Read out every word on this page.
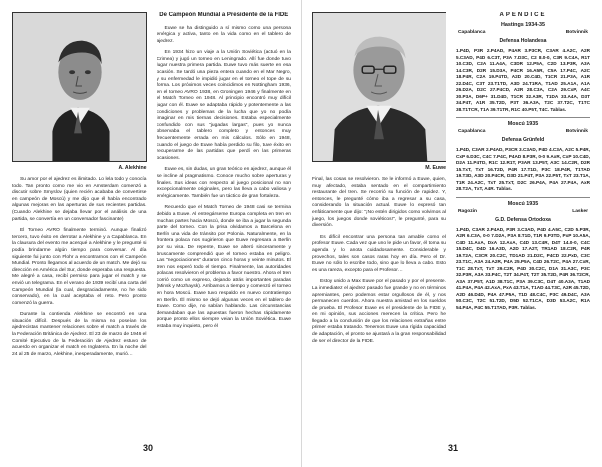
A. Alekhine

Su amor por el ajedrez es ilimitado. Lo lela todo y conocía todo. Tan pronto como me vio en Amsterdam comenzó a discutir sobre Smyslov (quien recién acababa de convertirse en campeón de Moscú) y me dijo que él había encontrado algunas mejoras en las aperturas de sus recientes partidas. (Cuando Alekhine se dejaba llevar por el análisis de una partida, se convertía en un conversador fascinante)

El Torneo AVRO finalmente terminó. Aunque finalizó tercero, tuvo éxito en derrotar a Alekhine y a Capablanca. En la clausura del evento me acerqué a Alekhine y le pregunté si podía brindarme algún tiempo para conversar. Al día siguiente fui junto con Flohr a encontrarnos con el Campeón Mundial. Pronto llegamos al acuerdo de un match. Me dejó su dirección en América del Sur, donde esperaba una respuesta. Me alegré a casa, recibí permiso para jugar el match y se envió un telegrama. En el verano de 1939 recibí una carta del Campeón Mundial (la cual, desgraciadamente, no he sido conservado), en la cual aceptaba el reto. Pero pronto comenzó la guerra.

Durante la contienda Alekhine se encontró en una situación difícil. Después de la misma no poseían los ajedrecistas mantener relaciones sobre el match a través de la Federación Británica de Ajedrez. El 23 de marzo de 1946 el Comité Ejecutivo de la Federación de Ajedrez estuvo de acuerdo en organizar el match en Inglaterra. En la noche del 24 al 25 de marzo, Alekhine, inesperadamente, murió…

De Campeón Mundial a Presidente de la FIDE

Euwe se ha distinguido a sí mismo como una persona enérgica y activa, tanto en la vida como en el tablero de ajedrez.

En 1934 hizo un viaje a la Unión Soviética (actuó en la Crimea) y jugó un torneo en Leningrado. Allí fue donde tuvo lugar nuestra primera partida. Euwe tuvo más suerte en esa ocasión. Se tardó una pieza entera cuando en el Mar Negro, y su enfermedad le impidió jugar en el torneo el tope de su forma. Los próximos veces coincidimos en Nottingham 1936, en el torneo AVRO 1938, en Groningen 1946 y finalmente en el Match Torneo en 1948. Al principio encontró muy difícil jugar con él. Euwe se adaptaba rápido y potentemente a las condiciones y problemas de la lucha que yo no podía imaginar en mis tiernas decisiones. Estaba especialmente confundido con sus "jugadas largas", pues yo nunca observaba el tablero completo y entonces muy frecuentemente errada en mis cálculos. Sólo en 1948, cuando el juego de Euwe había perdido su filo, tuve éxito en recuperarme de las partidas que perdí en las primeras ocasiones.

Euwe es, sin dudas, un gran teórico en ajedrez, aunque él se incline al pragmatismo. Conoce mucho sobre aperturas y finales. Sus ideas con respecto al juego posicional no son excepcionalmente originales, pero las lleva a cabo valiosa y enérgicamente. También fue un táctico de gran fortaleza.

Recuerdo que el Match Torneo de 1948 casi se termina debido a Euwe. Al entregárseme Europa completa en tren en muchas partes hacia Moscú, donde se iba a jugar la segunda parte del torneo. Con la prisa olvidamos a Barcelona en Berlín una vida de tránsito por Polonia. Naturalmente, en la frontera polaca nos sugirieron que Euwe regresara a Berlín por su visa. De repente, Euwe se alteró sinceramente y bruscamente comprendió que el torneo estaba en peligro. Las "negociaciones" duraron cinco horas y veinte minutos. El tren nos esperó todo el tiempo. Finalmente, las autoridades polacas resolvieron el problema a favor nuestro. Ahora el tren corrió como un expreso, dejando atrás importantes paradas (Minsk y Mozhaysk). Arribamos a tiempo y comenzó el torneo en hora Moscú. Euwe tuvo respaldo en nuevo contratiempo en Berlín. Él mismo se dejó algunas veces en el tablero de Euwe. Como dije, no sabían hablando. Las circunstancias demandaban que las apuestas fueron hechas rápidamente porque pronto ellos siempre veian la Unión Soviética. Euwe estaba muy inquieto, pero él

30
M. Euwe

Final, las cosas se resolvieron. Se le informó a Euwe, quien, muy afectado, estaba sentado en el compartimiento restaurante del tren. Se recorrió su función de rapidez. Y, entonces, le pregunté cómo iba a regresar a su casa, considerando la situación actual. Euwe lo expresó tan enfáticamente que dijo: "¡No estén dirigidos como volvimos al juego, los juegos donde soviéticos!", le pregunté, para su diversión.

Es difícil encontrar una persona tan amable como el profesor Euwe. Cada vez que uno le pide un favor, él toma su agenda y lo anota cuidadosamente. Considerable y provechos, tales son casos raras hoy en día. Pero el Dr. Euwe no sólo lo escribe todo, sino que lo lleva a cabo. Esto es una rareza, excepto para el Profesor…

Estoy unido a Max Euwe por el pasado y por el presente. La inmediatez el ajedrez pasado fue grande y no en términos apremiantes, pero podemos estar orgullosos de él, y nos permanecen cuerdos. Ahora nuestra amistad en los sueldos de prueba. El Profesor Euwe es el presidente de la FIDE y, en mi opinión, sus acciones merecen la crítica. Pero he llegado a la conclusión de que los relaciones extrañas entre primer estaba tratando. Tenemos Euwe una rígida capacidad de adaptación, el pronto se ajustará a la gran responsabilidad de ser el director de la FIDE.

APENDICE
Hastings 1934-35
Capablanca	Botvinnik
Defensa Holandesa

1.P4D, P3R 2.P4AD, P4AR 3.P3CR, C3AR 4.A2C, A2R 5.C3AD, P4D 6.C3T, P3A 7.D3C, C2 8.0-0, C3R 9.C4A, R1T 10.C3D, C2A 11.A4A, C3DR 12.P5A, C2D 13.P3R, A3A 14.C3R, D2R 15.D3A, P4CR 16.A5R, C5A 17.P4C, A2C 18.P4R, C2A 19.P4TD, A2D 20.C4D, T1CR 21.P3A, A1R 22.D4C, C3T 23.T1TD, A3D 24.T1RA, T1AD 25.A1A, A1A 26.D2A, D2C 27.P4CD, A2R 28.C3A, C2A 29.CxP, A4C 30.P3A, D6P+ 31.D4D, T1CR 32.A3R, T1DA 33.A4A, D3T 34.P4T, A1R 35.T2D, P3T 36.A3A, T2C 37.T2C, T1TC 38.T1TCR, T1A 39.T1TR, R1C 40.P5T, T4C. Tablas.

Moscú 1935
Capablanca	Botvinnik
Defensa Grünfeld

1.P4D, C3AR 2.P4AD, P3CR 3.C3AD, P4D 4.C3A, A2C 5.P4R, CxP 6.D3C, C4C 7.P4C, P4AD 8.P3R, 0-0 9.AxR, CxP 10.C4D, D2A 11.P4TD, R1C 12.R1T, P3AR 13.P5T, A3C 14.C2R, D2R 15.TxT, TxT 16.T2D, P4R 17.T1D, P3C 18.P4R, T1TAD 19.T3D, A3D 20.P4CR, D3D 21.P4T, P3A 22.P5T, TxT 23.T1A, T1R 24.A2C, TxT 25.TxT, D2C 26.P4A, P4A 27.P4A, AxR 28.T2A, TxT, A4R. Tablas.

Moscú 1935
Ragozin	Lasker
G.D. Defensa Ortodoxa

1.P4D, C3AR 2.P4AD, P3R 3.C3AD, P4D 4.A5C, C2D 5.P3R, A2R 6.C3A, 0-0 7.D2A, P3A 8.T1D, T1R 9.P3TD, PxP 10.A5A, C4D 11.AxA, DxA 12.AxA, C4D 13.C4R, D4T 14.0-0, C4C 15.D4C, D4D 16.A3D, A2D 17.A2T, TR1AD 18.C2R, P4R 19.T2A, C3CR 20.C2C, TD1AD 21.D2C, P4CD 22.PxD, C3C 23.T1C, A3A 24.A2R, P4A 25.P5A, C4D 26.T2C, P4A 27.CxR, T1C 28.TxT, TxT 29.C2R, P4D 30.C2C, D1A 31.A3C, P3C 32.P3R, A3A 33.P4C, T2T 34.P4T, T2T 35.T2D, P4R 36.T2CR, A3A 37.P5T, A1D 38.T1C, P3A 39.C3C, D4T 40.A3A, T1AD 41.P4A, P4A 42.AxA, PxA 43.T1A, T1AD 44.T3C, A2R 45.T2D, A2D 46.D4D, P4A 47.P5A, T1D 48.C4C, P3C 49.D4C, A3A 50.C3C, T2C 51.T2D, D5D 52.T1CA, D3D 53.A2C, R1A 54.P4A, P4C 55.T1TAD, P3R. Tablas.

31
